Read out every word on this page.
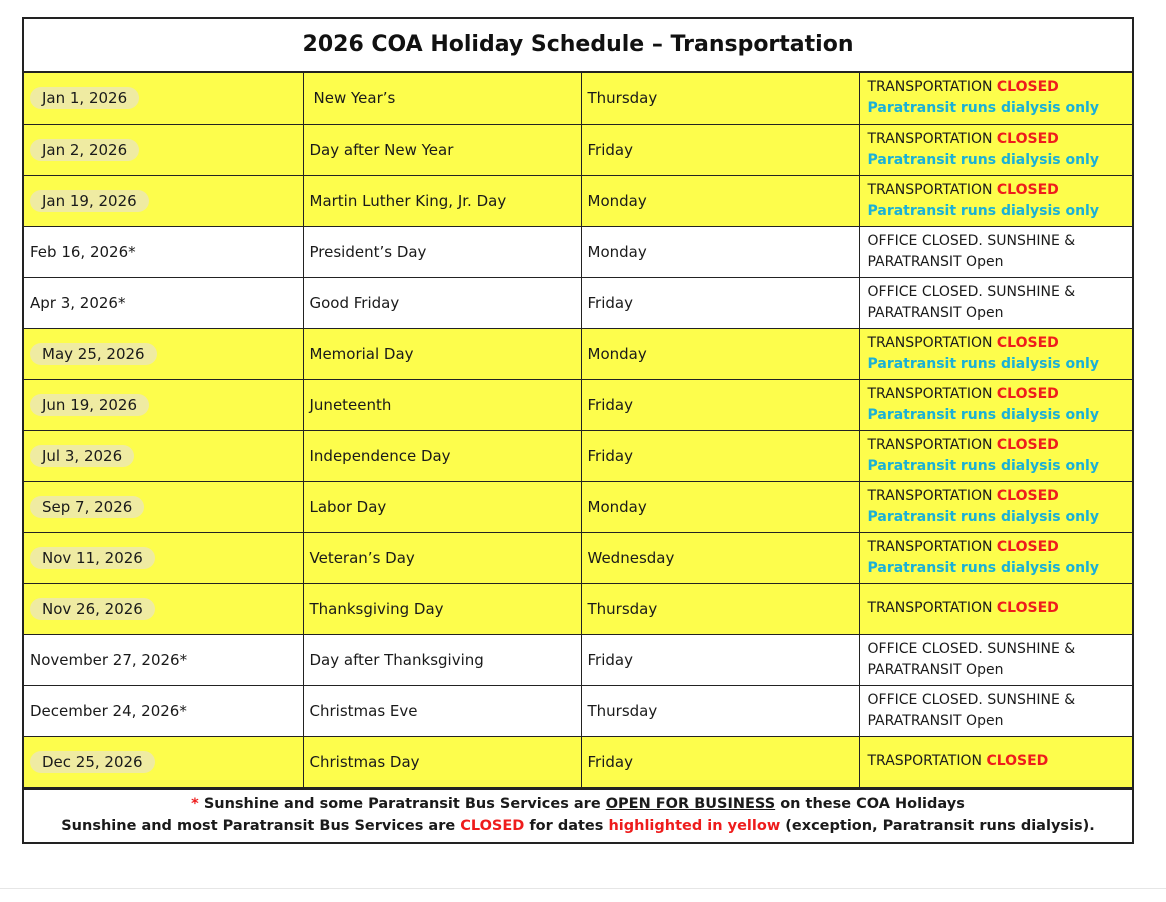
2026 COA Holiday Schedule – Transportation
Jan 1, 2026	New Year’s	Thursday	TRANSPORTATION CLOSED
Paratransit runs dialysis only

Jan 2, 2026	Day after New Year	Friday	TRANSPORTATION CLOSED
Paratransit runs dialysis only

Jan 19, 2026	Martin Luther King, Jr. Day	Monday	TRANSPORTATION CLOSED
Paratransit runs dialysis only

Feb 16, 2026*	President’s Day	Monday	OFFICE CLOSED. SUNSHINE &
PARATRANSIT Open

Apr 3, 2026*	Good Friday	Friday	OFFICE CLOSED. SUNSHINE &
PARATRANSIT Open

May 25, 2026	Memorial Day	Monday	TRANSPORTATION CLOSED
Paratransit runs dialysis only

Jun 19, 2026	Juneteenth	Friday	TRANSPORTATION CLOSED
Paratransit runs dialysis only

Jul 3, 2026	Independence Day	Friday	TRANSPORTATION CLOSED
Paratransit runs dialysis only

Sep 7, 2026	Labor Day	Monday	TRANSPORTATION CLOSED
Paratransit runs dialysis only

Nov 11, 2026	Veteran’s Day	Wednesday	TRANSPORTATION CLOSED
Paratransit runs dialysis only

Nov 26, 2026	Thanksgiving Day	Thursday	TRANSPORTATION CLOSED

November 27, 2026*	Day after Thanksgiving	Friday	OFFICE CLOSED. SUNSHINE &
PARATRANSIT Open

December 24, 2026*	Christmas Eve	Thursday	OFFICE CLOSED. SUNSHINE &
PARATRANSIT Open

Dec 25, 2026	Christmas Day	Friday	TRASPORTATION CLOSED
* Sunshine and some Paratransit Bus Services are OPEN FOR BUSINESS on these COA Holidays
Sunshine and most Paratransit Bus Services are CLOSED for dates highlighted in yellow (exception, Paratransit runs dialysis).
